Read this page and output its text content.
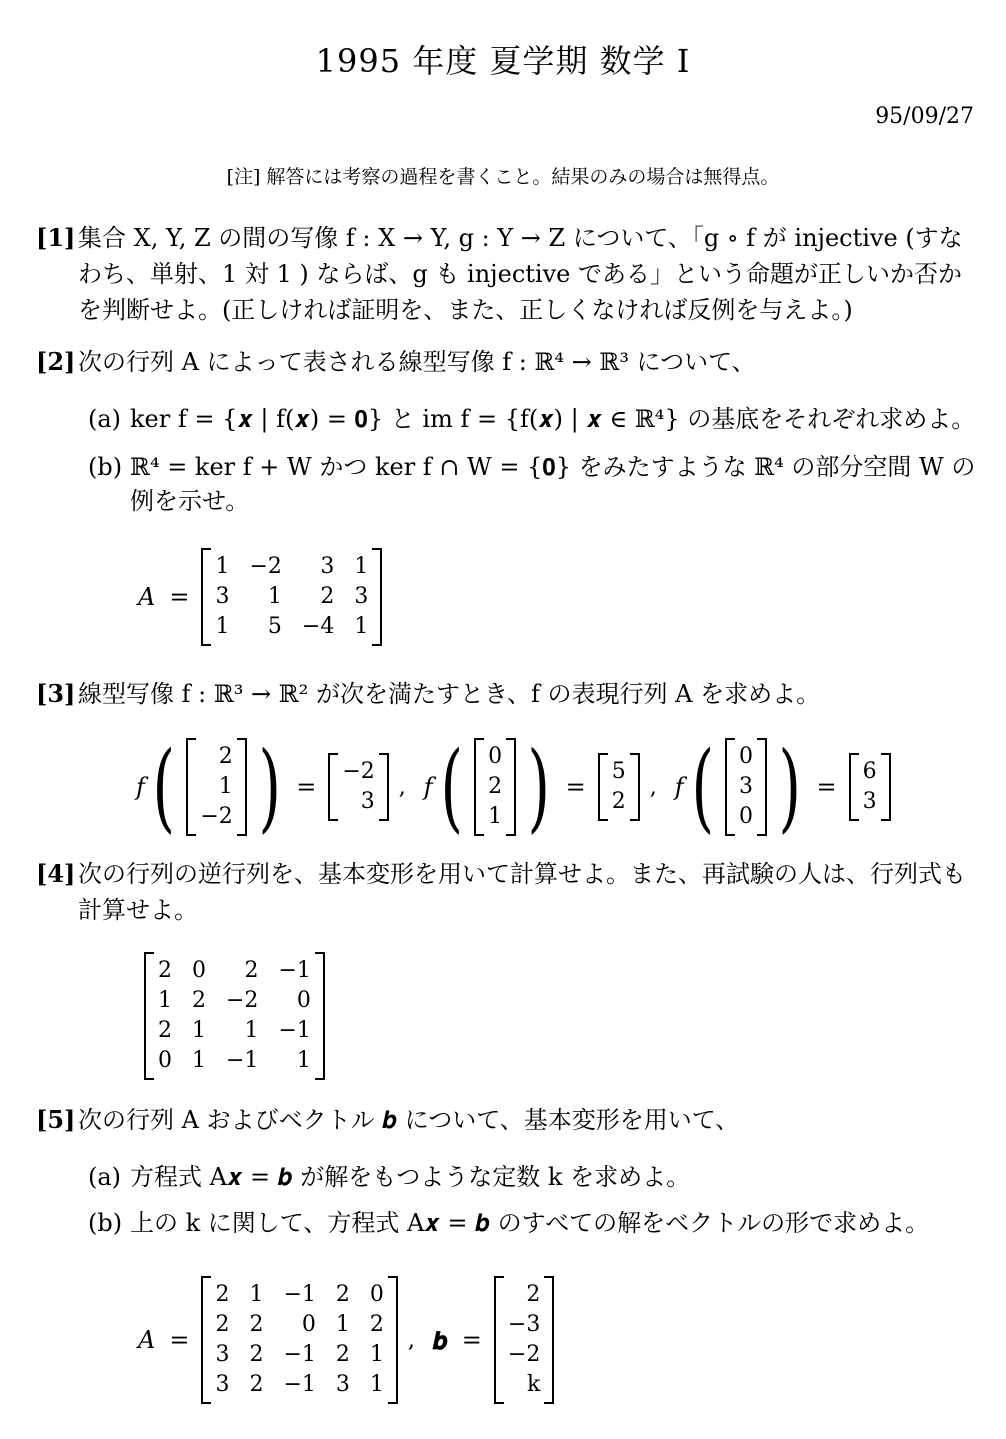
1995 年度 夏学期 数学 I
95/09/27
[注] 解答には考察の過程を書くこと。結果のみの場合は無得点。
[1] 集合 X, Y, Z の間の写像 f : X → Y, g : Y → Z について、「g ∘ f が injective (すなわち、単射、1 対 1 ) ならば、g も injective である」という命題が正しいか否かを判断せよ。(正しければ証明を、また、正しくなければ反例を与えよ。)
[2] 次の行列 A によって表される線型写像 f : ℝ⁴ → ℝ³ について、
(a) ker f = {𝒙 | f(𝒙) = 𝟎} と im f = {f(𝒙) | 𝒙 ∈ ℝ⁴} の基底をそれぞれ求めよ。
(b) ℝ⁴ = ker f + W かつ ker f ∩ W = {𝟎} をみたすような ℝ⁴ の部分空間 W の例を示せ。
A =
1 −2	3 1
3	1	2 3
1	5 −4 1
[3] 線型写像 f : ℝ³ → ℝ² が次を満たすとき、f の表現行列 A を求めよ。
f (	2
1
−2 ) =
−2
3
, f ( 0
2
1 ) =
5
2
, f ( 0
3
0 ) =
6
3
[4] 次の行列の逆行列を、基本変形を用いて計算せよ。また、再試験の人は、行列式も計算せよ。
2 0	2 −1
1 2 −2	0
2 1	1 −1
0 1 −1	1
[5] 次の行列 A およびベクトル 𝒃 について、基本変形を用いて、
(a) 方程式 A𝒙 = 𝒃 が解をもつような定数 k を求めよ。
(b) 上の k に関して、方程式 A𝒙 = 𝒃 のすべての解をベクトルの形で求めよ。
A =
2 1 −1 2 0
2 2	0 1 2
3 2 −1 2 1
3 2 −1 3 1
, 𝒃 =
2
−3
−2
k
